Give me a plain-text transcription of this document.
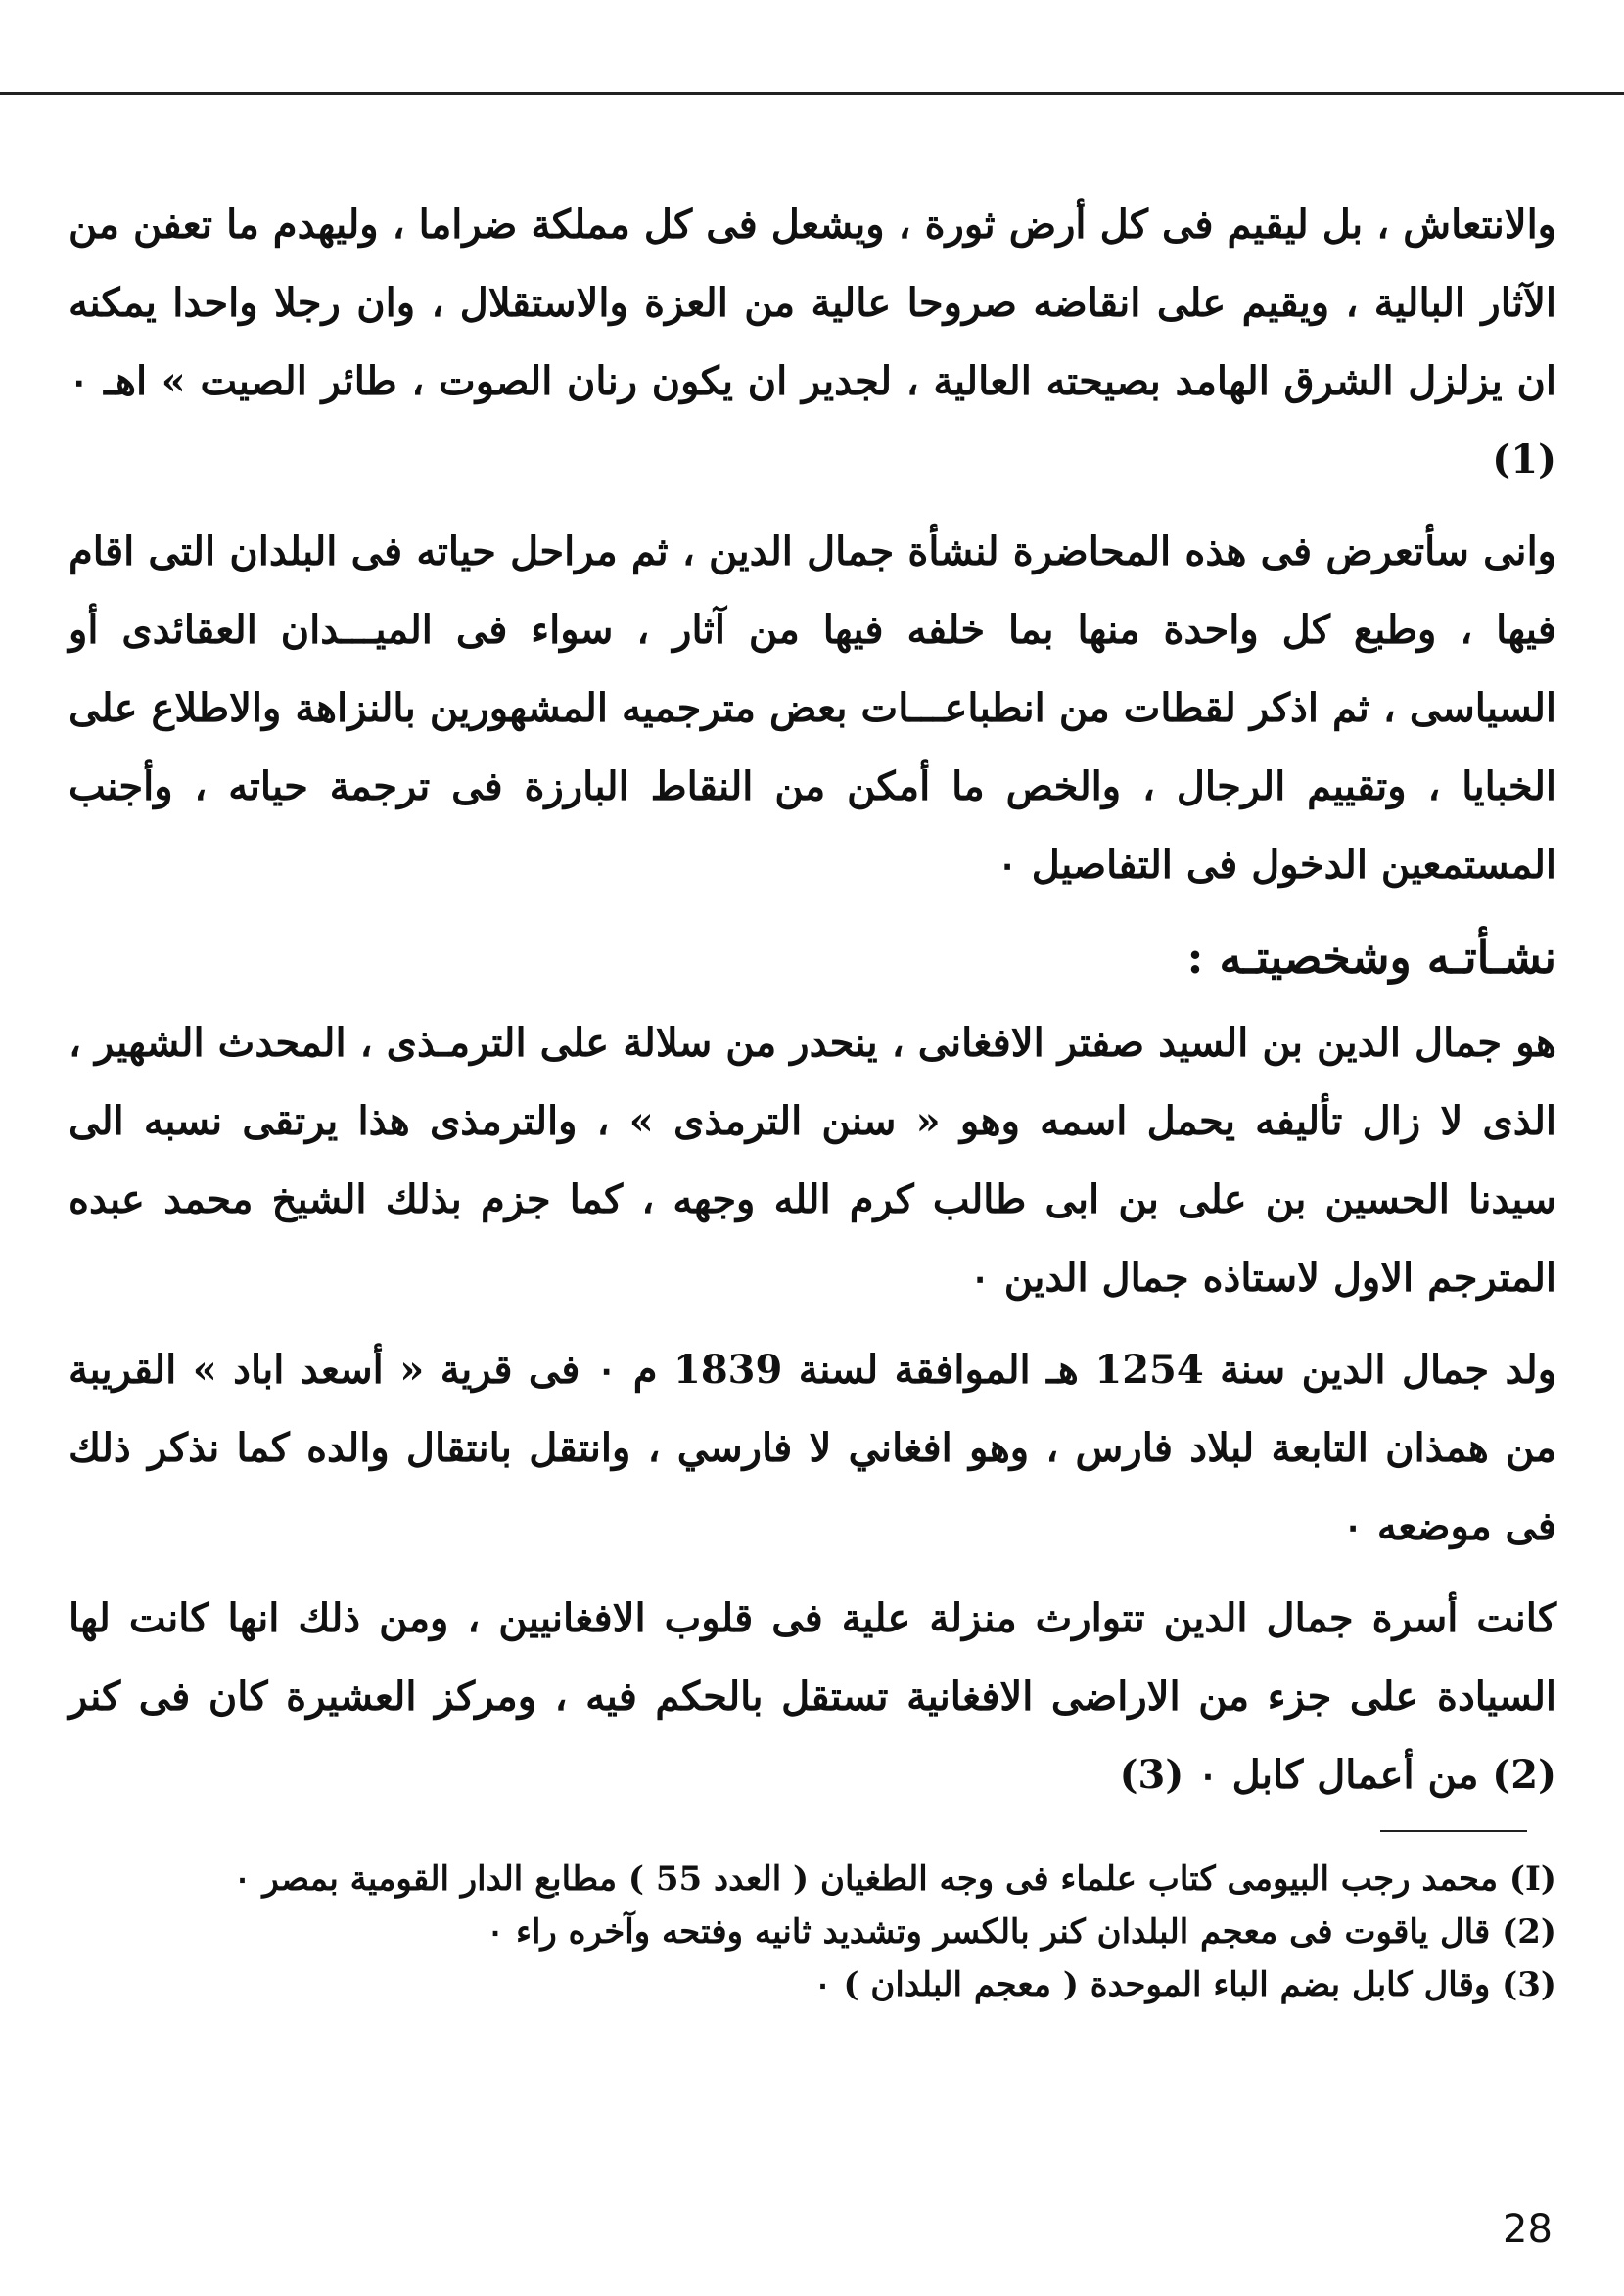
والانتعاش ، بل ليقيم فى كل أرض ثورة ، ويشعل فى كل مملكة ضراما ، وليهدم ما تعفن من الآثار البالية ، ويقيم على انقاضه صروحا عالية من العزة والاستقلال ، وان رجلا واحدا يمكنه ان يزلزل الشرق الهامد بصيحته العالية ، لجدير ان يكون رنان الصوت ، طائر الصيت » اهـ ٠ (1)

وانى سأتعرض فى هذه المحاضرة لنشأة جمال الدين ، ثم مراحل حياته فى البلدان التى اقام فيها ، وطبع كل واحدة منها بما خلفه فيها من آثار ، سواء فى الميـــدان العقائدى أو السياسى ، ثم اذكر لقطات من انطباعـــات بعض مترجميه المشهورين بالنزاهة والاطلاع على الخبايا ، وتقييم الرجال ، والخص ما أمكن من النقاط البارزة فى ترجمة حياته ، وأجنب المستمعين الدخول فى التفاصيل ٠

نشـأتـه وشخصيتـه :

هو جمال الدين بن السيد صفتر الافغانى ، ينحدر من سلالة على الترمـذى ، المحدث الشهير ، الذى لا زال تأليفه يحمل اسمه وهو « سنن الترمذى » ، والترمذى هذا يرتقى نسبه الى سيدنا الحسين بن على بن ابى طالب كرم الله وجهه ، كما جزم بذلك الشيخ محمد عبده المترجم الاول لاستاذه جمال الدين ٠

ولد جمال الدين سنة 1254 هـ الموافقة لسنة 1839 م ٠ فى قرية « أسعد اباد » القريبة من همذان التابعة لبلاد فارس ، وهو افغاني لا فارسي ، وانتقل بانتقال والده كما نذكر ذلك فى موضعه ٠

كانت أسرة جمال الدين تتوارث منزلة علية فى قلوب الافغانيين ، ومن ذلك انها كانت لها السيادة على جزء من الاراضى الافغانية تستقل بالحكم فيه ، ومركز العشيرة كان فى كنر (2) من أعمال كابل ٠ (3)

(I) محمد رجب البيومى كتاب علماء فى وجه الطغيان ( العدد 55 ) مطابع الدار القومية بمصر ٠

(2) قال ياقوت فى معجم البلدان كنر بالكسر وتشديد ثانيه وفتحه وآخره راء ٠

(3) وقال كابل بضم الباء الموحدة ( معجم البلدان ) ٠

28
